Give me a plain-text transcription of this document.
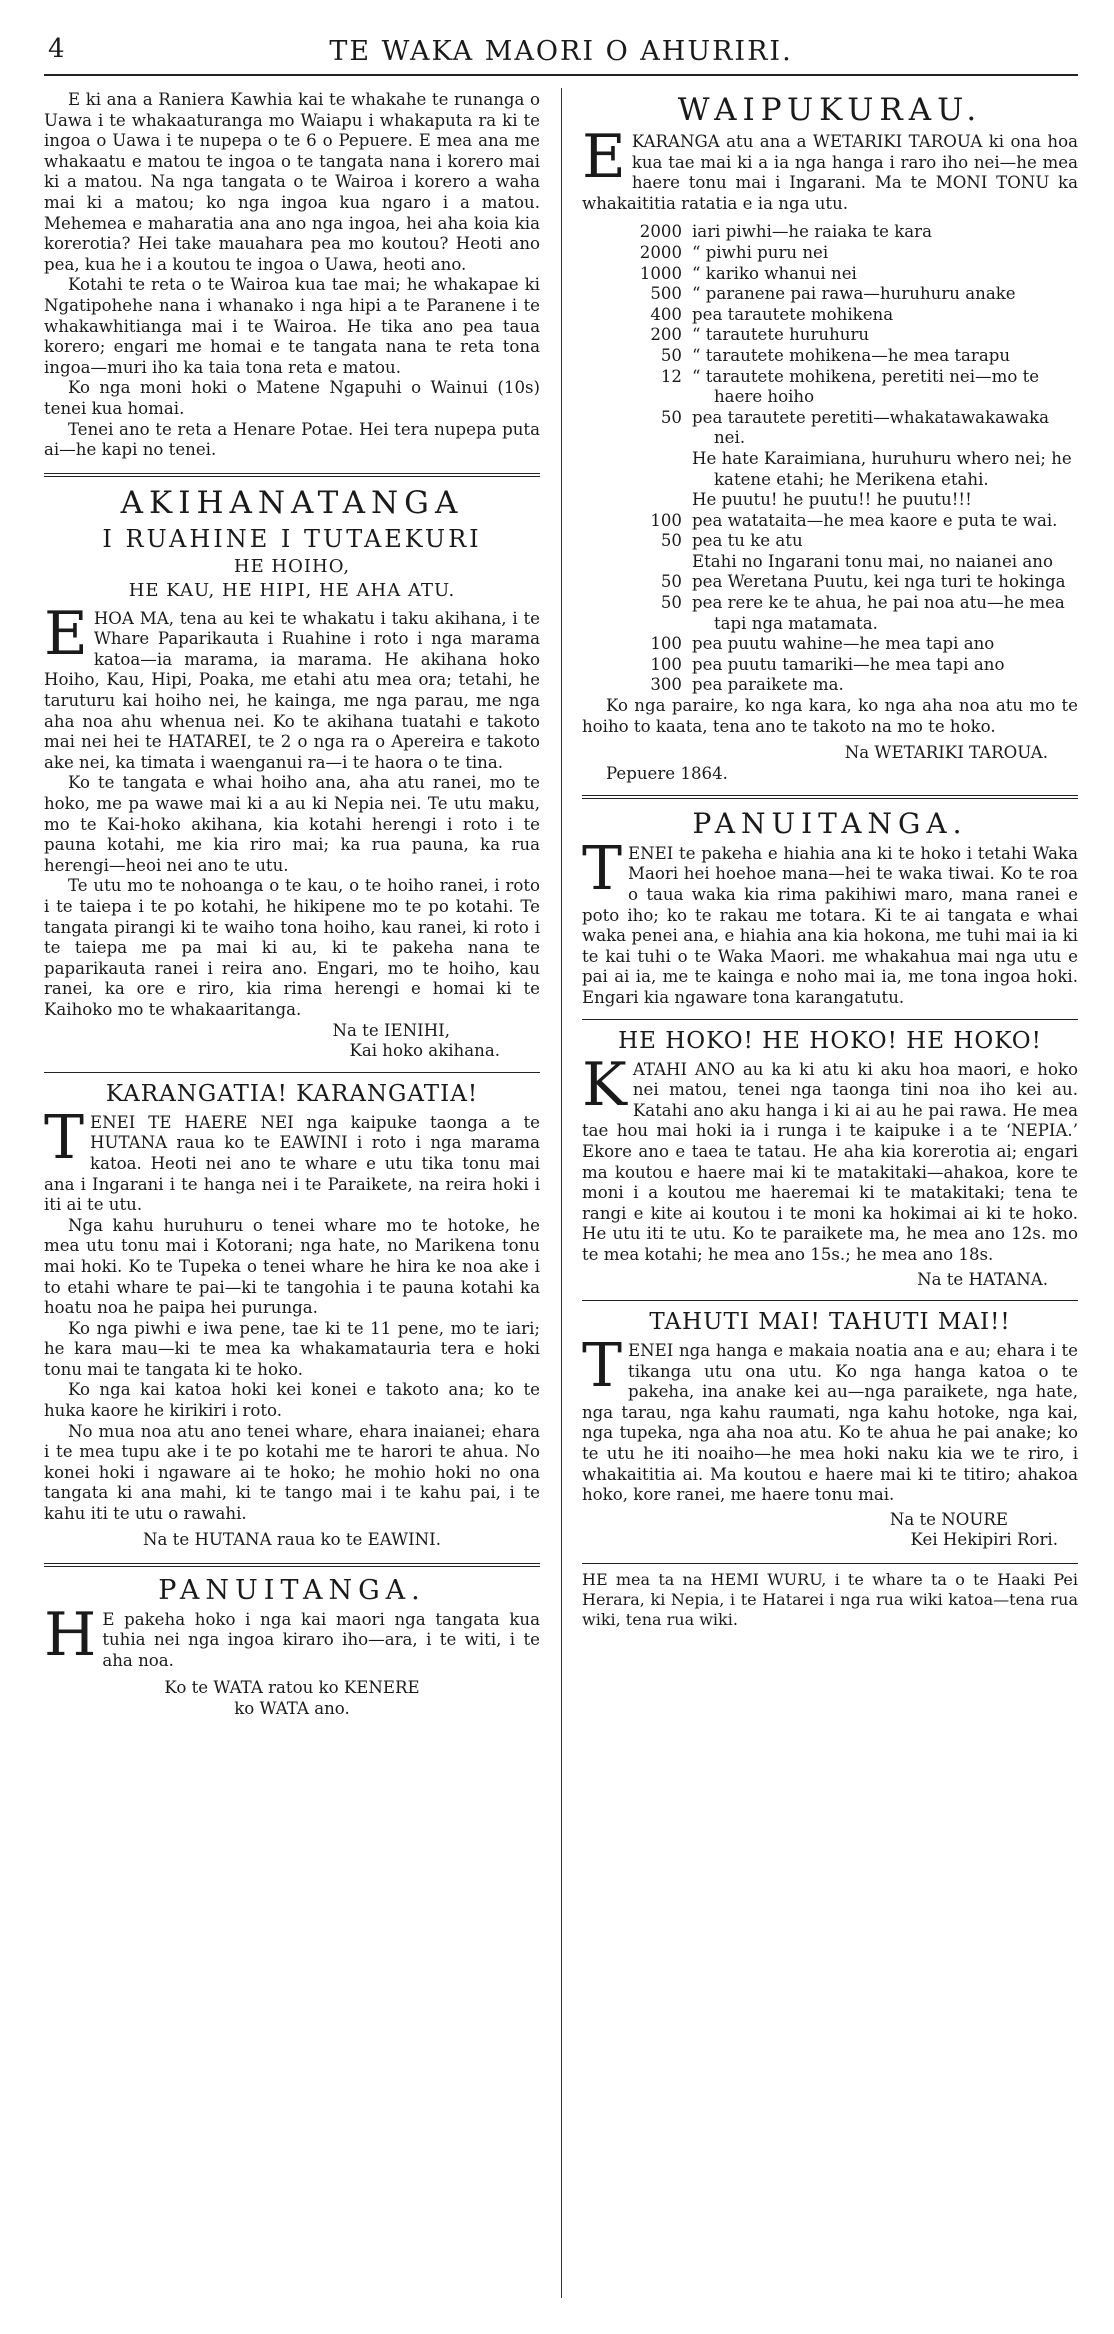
4	TE WAKA MAORI O AHURIRI.

E ki ana a Raniera Kawhia kai te whakahe te runanga o Uawa i te whakaaturanga mo Waiapu i whakaputa ra ki te ingoa o Uawa i te nupepa o te 6 o Pepuere. E mea ana me whakaatu e matou te ingoa o te tangata nana i korero mai ki a matou. Na nga tangata o te Wairoa i korero a waha mai ki a matou; ko nga ingoa kua ngaro i a matou. Mehemea e maharatia ana ano nga ingoa, hei aha koia kia korerotia? Hei take mauahara pea mo koutou? Heoti ano pea, kua he i a koutou te ingoa o Uawa, heoti ano.

Kotahi te reta o te Wairoa kua tae mai; he whakapae ki Ngatipohehe nana i whanako i nga hipi a te Paranene i te whakawhitianga mai i te Wairoa. He tika ano pea taua korero; engari me homai e te tangata nana te reta tona ingoa—muri iho ka taia tona reta e matou.

Ko nga moni hoki o Matene Ngapuhi o Wainui (10s) tenei kua homai.

Tenei ano te reta a Henare Potae. Hei tera nupepa puta ai—he kapi no tenei.

AKIHANATANGA
I RUAHINE I TUTAEKURI
HE HOIHO,
HE KAU, HE HIPI, HE AHA ATU.

EHOA MA, tena au kei te whakatu i taku akihana, i te Whare Paparikauta i Ruahine i roto i nga marama katoa—ia marama, ia marama. He akihana hoko Hoiho, Kau, Hipi, Poaka, me etahi atu mea ora; tetahi, he taruturu kai hoiho nei, he kainga, me nga parau, me nga aha noa ahu whenua nei. Ko te akihana tuatahi e takoto mai nei hei te HATAREI, te 2 o nga ra o Apereira e takoto ake nei, ka timata i waenganui ra—i te haora o te tina.

Ko te tangata e whai hoiho ana, aha atu ranei, mo te hoko, me pa wawe mai ki a au ki Nepia nei. Te utu maku, mo te Kai-hoko akihana, kia kotahi herengi i roto i te pauna kotahi, me kia riro mai; ka rua pauna, ka rua herengi—heoi nei ano te utu.

Te utu mo te nohoanga o te kau, o te hoiho ranei, i roto i te taiepa i te po kotahi, he hikipene mo te po kotahi. Te tangata pirangi ki te waiho tona hoiho, kau ranei, ki roto i te taiepa me pa mai ki au, ki te pakeha nana te paparikauta ranei i reira ano. Engari, mo te hoiho, kau ranei, ka ore e riro, kia rima herengi e homai ki te Kaihoko mo te whakaaritanga.

Na te IENIHI,
Kai hoko akihana.
KARANGATIA! KARANGATIA!

TENEI TE HAERE NEI nga kaipuke taonga a te HUTANA raua ko te EAWINI i roto i nga marama katoa. Heoti nei ano te whare e utu tika tonu mai ana i Ingarani i te hanga nei i te Paraikete, na reira hoki i iti ai te utu.

Nga kahu huruhuru o tenei whare mo te hotoke, he mea utu tonu mai i Kotorani; nga hate, no Marikena tonu mai hoki. Ko te Tupeka o tenei whare he hira ke noa ake i to etahi whare te pai—ki te tangohia i te pauna kotahi ka hoatu noa he paipa hei purunga.

Ko nga piwhi e iwa pene, tae ki te 11 pene, mo te iari; he kara mau—ki te mea ka whakamatauria tera e hoki tonu mai te tangata ki te hoko.

Ko nga kai katoa hoki kei konei e takoto ana; ko te huka kaore he kirikiri i roto.

No mua noa atu ano tenei whare, ehara inaianei; ehara i te mea tupu ake i te po kotahi me te harori te ahua. No konei hoki i ngaware ai te hoko; he mohio hoki no ona tangata ki ana mahi, ki te tango mai i te kahu pai, i te kahu iti te utu o rawahi.

Na te HUTANA raua ko te EAWINI.
PANUITANGA.

H E pakeha hoko i nga kai maori nga tangata kua tuhia nei nga ingoa kiraro iho—ara, i te witi, i te aha noa.

Ko te WATA ratou ko KENERE
ko WATA ano.
WAIPUKURAU.

EKARANGA atu ana a WETARIKI TAROUA ki ona hoa kua tae mai ki a ia nga hanga i raro iho nei—he mea haere tonu mai i Ingarani. Ma te MONI TONU ka whakaititia ratatia e ia nga utu.

2000 iari piwhi—he raiaka te kara
2000 “ piwhi puru nei
1000 “ kariko whanui nei
500 “ paranene pai rawa—huruhuru anake
400 pea tarautete mohikena
200 “ tarautete huruhuru
50 “ tarautete mohikena—he mea tarapu
12 “ tarautete mohikena, peretiti nei—mo te haere hoiho
50 pea tarautete peretiti—whakatawakawaka nei.
He hate Karaimiana, huruhuru whero nei; he katene etahi; he Merikena etahi.
He puutu! he puutu!! he puutu!!!
100 pea watataita—he mea kaore e puta te wai.
50 pea tu ke atu
Etahi no Ingarani tonu mai, no naianei ano
50 pea Weretana Puutu, kei nga turi te hokinga
50 pea rere ke te ahua, he pai noa atu—he mea tapi nga matamata.
100 pea puutu wahine—he mea tapi ano
100 pea puutu tamariki—he mea tapi ano
300 pea paraikete ma.

Ko nga paraire, ko nga kara, ko nga aha noa atu mo te hoiho to kaata, tena ano te takoto na mo te hoko.

Na WETARIKI TAROUA.
Pepuere 1864.
PANUITANGA.

TENEI te pakeha e hiahia ana ki te hoko i tetahi Waka Maori hei hoehoe mana—hei te waka tiwai. Ko te roa o taua waka kia rima pakihiwi maro, mana ranei e poto iho; ko te rakau me totara. Ki te ai tangata e whai waka penei ana, e hiahia ana kia hokona, me tuhi mai ia ki te kai tuhi o te Waka Maori. me whakahua mai nga utu e pai ai ia, me te kainga e noho mai ia, me tona ingoa hoki. Engari kia ngaware tona karangatutu.

HE HOKO! HE HOKO! HE HOKO!

KATAHI ANO au ka ki atu ki aku hoa maori, e hoko nei matou, tenei nga taonga tini noa iho kei au. Katahi ano aku hanga i ki ai au he pai rawa. He mea tae hou mai hoki ia i runga i te kaipuke i a te ‘NEPIA.’ Ekore ano e taea te tatau. He aha kia korerotia ai; engari ma koutou e haere mai ki te matakitaki—ahakoa, kore te moni i a koutou me haeremai ki te matakitaki; tena te rangi e kite ai koutou i te moni ka hokimai ai ki te hoko. He utu iti te utu. Ko te paraikete ma, he mea ano 12s. mo te mea kotahi; he mea ano 15s.; he mea ano 18s.

Na te HATANA.
TAHUTI MAI! TAHUTI MAI!!

TENEI nga hanga e makaia noatia ana e au; ehara i te tikanga utu ona utu. Ko nga hanga katoa o te pakeha, ina anake kei au—nga paraikete, nga hate, nga tarau, nga kahu raumati, nga kahu hotoke, nga kai, nga tupeka, nga aha noa atu. Ko te ahua he pai anake; ko te utu he iti noaiho—he mea hoki naku kia we te riro, i whakaititia ai. Ma koutou e haere mai ki te titiro; ahakoa hoko, kore ranei, me haere tonu mai.

Na te NOURE
Kei Hekipiri Rori.

HE mea ta na HEMI WURU, i te whare ta o te Haaki Pei Herara, ki Nepia, i te Hatarei i nga rua wiki katoa—tena rua wiki, tena rua wiki.
